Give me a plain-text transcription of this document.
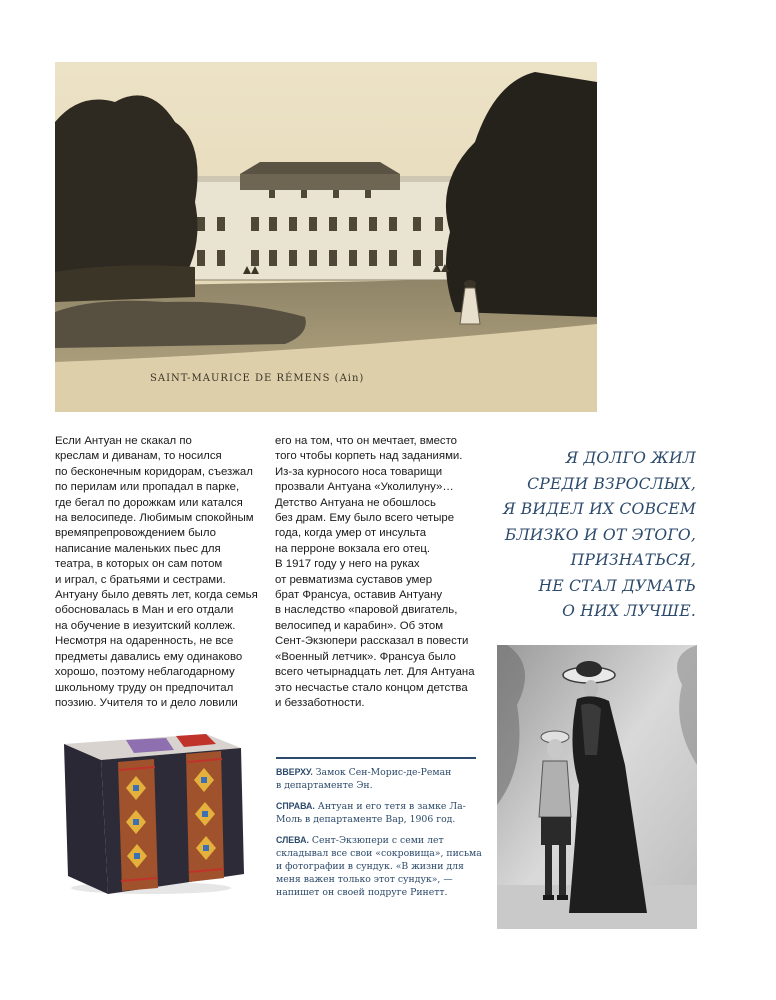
SAINT-MAURICE DE RÉMENS (Ain)
Если Антуан не скакал по
креслам и диванам, то носился
по бесконечным коридорам, съезжал
по перилам или пропадал в парке,
где бегал по дорожкам или катался
на велосипеде. Любимым спокойным
времяпрепровождением было
написание маленьких пьес для
театра, в которых он сам потом
и играл, с братьями и сестрами.
Антуану было девять лет, когда семья
обосновалась в Ман и его отдали
на обучение в иезуитский коллеж.
Несмотря на одаренность, не все
предметы давались ему одинаково
хорошо, поэтому неблагодарному
школьному труду он предпочитал
поэзию. Учителя то и дело ловили
его на том, что он мечтает, вместо
того чтобы корпеть над заданиями.
Из-за курносого носа товарищи
прозвали Антуана «Уколилуну»…
Детство Антуана не обошлось
без драм. Ему было всего четыре
года, когда умер от инсульта
на перроне вокзала его отец.
В 1917 году у него на руках
от ревматизма суставов умер
брат Франсуа, оставив Антуану
в наследство «паровой двигатель,
велосипед и карабин». Об этом
Сент-Экзюпери рассказал в повести
«Военный летчик». Франсуа было
всего четырнадцать лет. Для Антуана
это несчастье стало концом детства
и беззаботности.
Я ДОЛГО ЖИЛ
СРЕДИ ВЗРОСЛЫХ,
Я ВИДЕЛ ИХ СОВСЕМ
БЛИЗКО И ОТ ЭТОГО,
ПРИЗНАТЬСЯ,
НЕ СТАЛ ДУМАТЬ
О НИХ ЛУЧШЕ.
ВВЕРХУ. Замок Сен-Морис-де-Реман
в департаменте Эн.
СПРАВА. Антуан и его тетя в замке Ла-
Моль в департаменте Вар, 1906 год.
СЛЕВА. Сент-Экзюпери с семи лет
складывал все свои «сокровища», письма
и фотографии в сундук. «В жизни для
меня важен только этот сундук», —
напишет он своей подруге Ринетт.
